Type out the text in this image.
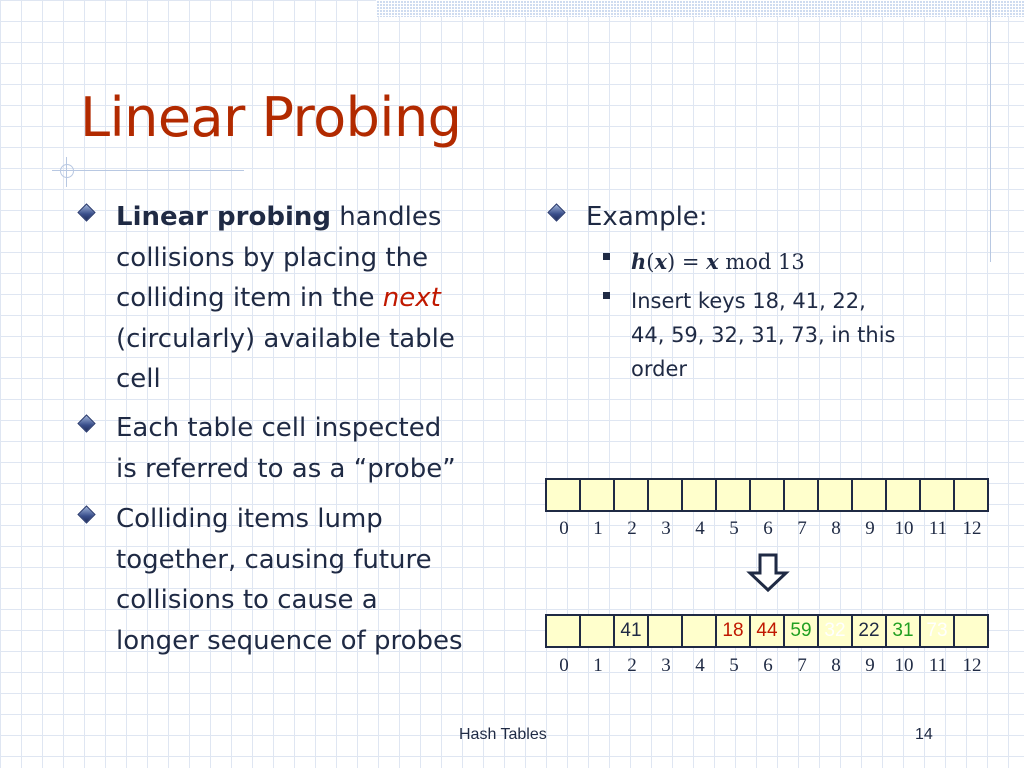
Linear Probing
Linear probing handles
collisions by placing the
colliding item in the next
(circularly) available table
cell
Each table cell inspected
is referred to as a “probe”
Colliding items lump
together, causing future
collisions to cause a
longer sequence of probes
Example:
h(x) = x mod 13
Insert keys 18, 41, 22,
44, 59, 32, 31, 73, in this
order

0	1	2	3	4	5	6	7	8	9	10 11 12
		41			18	44	59	32	22	31	73	
0	1	2	3	4	5	6	7	8	9	10 11 12
Hash Tables	14
